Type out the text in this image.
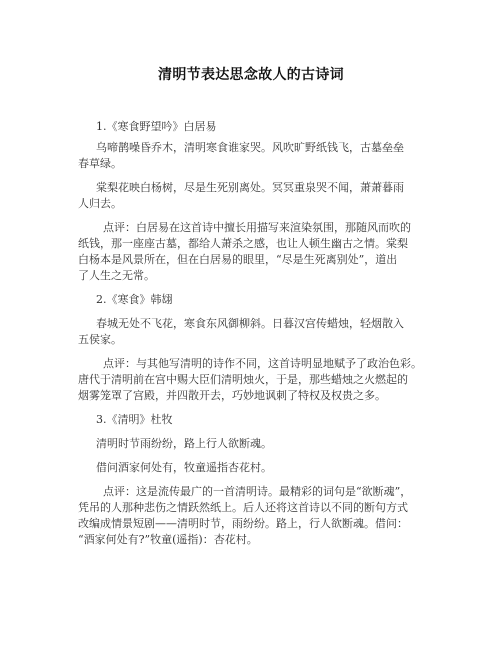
清明节表达思念故人的古诗词
1.《寒食野望吟》白居易
乌啼鹊噪昏乔木，清明寒食谁家哭。风吹旷野纸钱飞，古墓垒垒
春草绿。
棠梨花映白杨树，尽是生死别离处。冥冥重泉哭不闻，萧萧暮雨
人归去。
点评：白居易在这首诗中擅长用描写来渲染氛围，那随风而吹的
纸钱，那一座座古墓，都给人萧杀之感，也让人顿生幽古之情。棠梨
白杨本是风景所在，但在白居易的眼里，“尽是生死离别处”，道出
了人生之无常。
2.《寒食》韩翃
春城无处不飞花，寒食东风御柳斜。日暮汉宫传蜡烛，轻烟散入
五侯家。
点评：与其他写清明的诗作不同，这首诗明显地赋予了政治色彩。
唐代于清明前在宫中赐大臣们清明烛火，于是，那些蜡烛之火燃起的
烟雾笼罩了宫殿，并四散开去，巧妙地讽刺了特权及权贵之多。
3.《清明》杜牧
清明时节雨纷纷，路上行人欲断魂。
借问酒家何处有，牧童遥指杏花村。
点评：这是流传最广的一首清明诗。最精彩的词句是“欲断魂”，
凭吊的人那种悲伤之情跃然纸上。后人还将这首诗以不同的断句方式
改编成情景短剧——清明时节，雨纷纷。路上，行人欲断魂。借问：
“酒家何处有?”牧童(遥指)：杏花村。
